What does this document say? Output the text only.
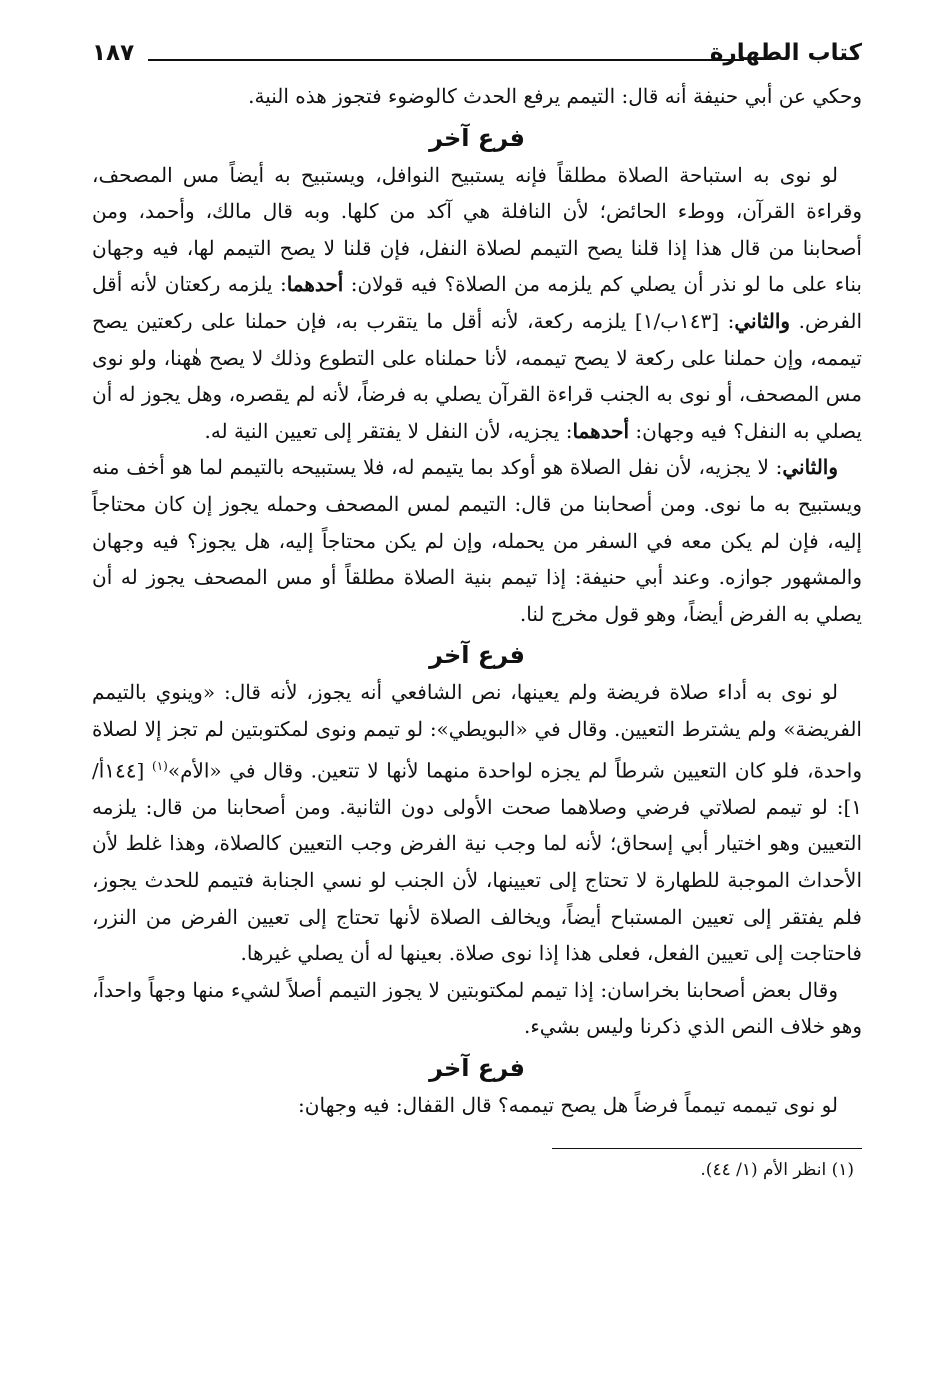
كتاب الطهارة
١٨٧

وحكي عن أبي حنيفة أنه قال: التيمم يرفع الحدث كالوضوء فتجوز هذه النية.

فرع آخر

لو نوى به استباحة الصلاة مطلقاً فإنه يستبيح النوافل، ويستبيح به أيضاً مس المصحف، وقراءة القرآن، ووطء الحائض؛ لأن النافلة هي آكد من كلها. وبه قال مالك، وأحمد، ومن أصحابنا من قال هذا إذا قلنا يصح التيمم لصلاة النفل، فإن قلنا لا يصح التيمم لها، فيه وجهان بناء على ما لو نذر أن يصلي كم يلزمه من الصلاة؟ فيه قولان: أحدهما: يلزمه ركعتان لأنه أقل الفرض. والثاني: [١٤٣ب/١] يلزمه ركعة، لأنه أقل ما يتقرب به، فإن حملنا على ركعتين يصح تيممه، وإن حملنا على ركعة لا يصح تيممه، لأنا حملناه على التطوع وذلك لا يصح هٰهنا، ولو نوى مس المصحف، أو نوى به الجنب قراءة القرآن يصلي به فرضاً، لأنه لم يقصره، وهل يجوز له أن يصلي به النفل؟ فيه وجهان: أحدهما: يجزيه، لأن النفل لا يفتقر إلى تعيين النية له.

والثاني: لا يجزيه، لأن نفل الصلاة هو أوكد بما يتيمم له، فلا يستبيحه بالتيمم لما هو أخف منه ويستبيح به ما نوى. ومن أصحابنا من قال: التيمم لمس المصحف وحمله يجوز إن كان محتاجاً إليه، فإن لم يكن معه في السفر من يحمله، وإن لم يكن محتاجاً إليه، هل يجوز؟ فيه وجهان والمشهور جوازه. وعند أبي حنيفة: إذا تيمم بنية الصلاة مطلقاً أو مس المصحف يجوز له أن يصلي به الفرض أيضاً، وهو قول مخرج لنا.

فرع آخر

لو نوى به أداء صلاة فريضة ولم يعينها، نص الشافعي أنه يجوز، لأنه قال: «وينوي بالتيمم الفريضة» ولم يشترط التعيين. وقال في «البويطي»: لو تيمم ونوى لمكتوبتين لم تجز إلا لصلاة واحدة، فلو كان التعيين شرطاً لم يجزه لواحدة منهما لأنها لا تتعين. وقال في «الأم»$^{(١)}$ [١٤٤أ/١]: لو تيمم لصلاتي فرضي وصلاهما صحت الأولى دون الثانية. ومن أصحابنا من قال: يلزمه التعيين وهو اختيار أبي إسحاق؛ لأنه لما وجب نية الفرض وجب التعيين كالصلاة، وهذا غلط لأن الأحداث الموجبة للطهارة لا تحتاج إلى تعيينها، لأن الجنب لو نسي الجنابة فتيمم للحدث يجوز، فلم يفتقر إلى تعيين المستباح أيضاً، ويخالف الصلاة لأنها تحتاج إلى تعيين الفرض من النزر، فاحتاجت إلى تعيين الفعل، فعلى هذا إذا نوى صلاة. بعينها له أن يصلي غيرها.

وقال بعض أصحابنا بخراسان: إذا تيمم لمكتوبتين لا يجوز التيمم أصلاً لشيء منها وجهاً واحداً، وهو خلاف النص الذي ذكرنا وليس بشيء.

فرع آخر

لو نوى تيممه تيمماً فرضاً هل يصح تيممه؟ قال القفال: فيه وجهان:

(١) انظر الأم (١/ ٤٤).
